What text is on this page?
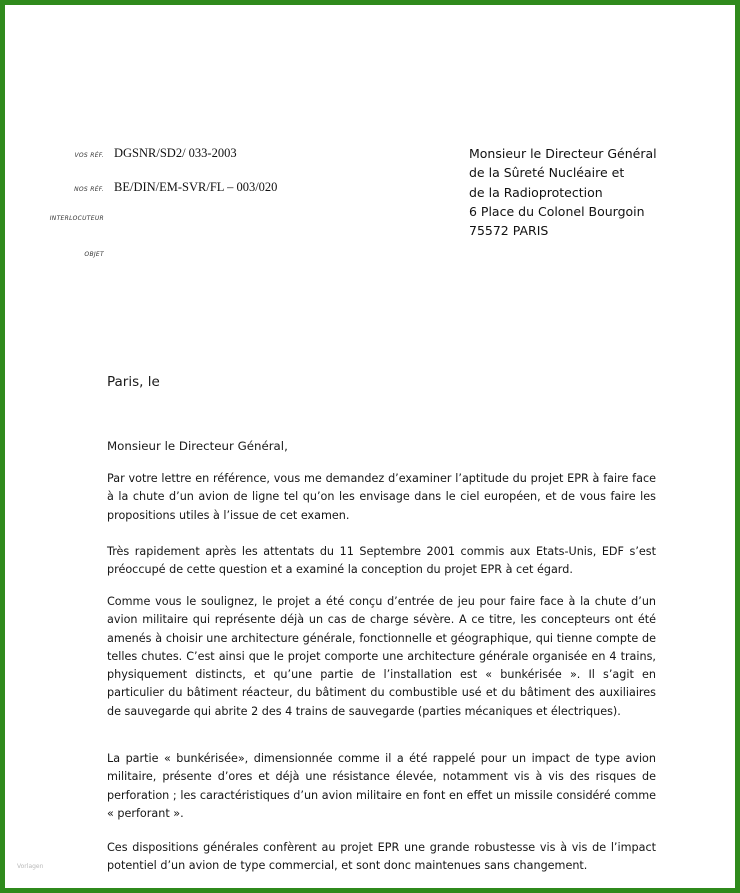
VOS RÉF. DGSNR/SD2/ 033-2003
NOS RÉF. BE/DIN/EM-SVR/FL – 003/020
INTERLOCUTEUR
OBJET
Monsieur le Directeur Général
de la Sûreté Nucléaire et
de la Radioprotection
6 Place du Colonel Bourgoin
75572 PARIS
Paris, le
Monsieur le Directeur Général,

Par votre lettre en référence, vous me demandez d’examiner l’aptitude du projet EPR à faire face à la chute d’un avion de ligne tel qu’on les envisage dans le ciel européen, et de vous faire les propositions utiles à l’issue de cet examen.

Très rapidement après les attentats du 11 Septembre 2001 commis aux Etats-Unis, EDF s’est préoccupé de cette question et a examiné la conception du projet EPR à cet égard.

Comme vous le soulignez, le projet a été conçu d’entrée de jeu pour faire face à la chute d’un avion militaire qui représente déjà un cas de charge sévère. A ce titre, les concepteurs ont été amenés à choisir une architecture générale, fonctionnelle et géographique, qui tienne compte de telles chutes. C’est ainsi que le projet comporte une architecture générale organisée en 4 trains, physiquement distincts, et qu’une partie de l’installation est « bunkérisée ». Il s’agit en particulier du bâtiment réacteur, du bâtiment du combustible usé et du bâtiment des auxiliaires de sauvegarde qui abrite 2 des 4 trains de sauvegarde (parties mécaniques et électriques).

La partie « bunkérisée», dimensionnée comme il a été rappelé pour un impact de type avion militaire, présente d’ores et déjà une résistance élevée, notamment vis à vis des risques de perforation ; les caractéristiques d’un avion militaire en font en effet un missile considéré comme « perforant ».

Ces dispositions générales confèrent au projet EPR une grande robustesse vis à vis de l’impact potentiel d’un avion de type commercial, et sont donc maintenues sans changement.

Vorlagen
